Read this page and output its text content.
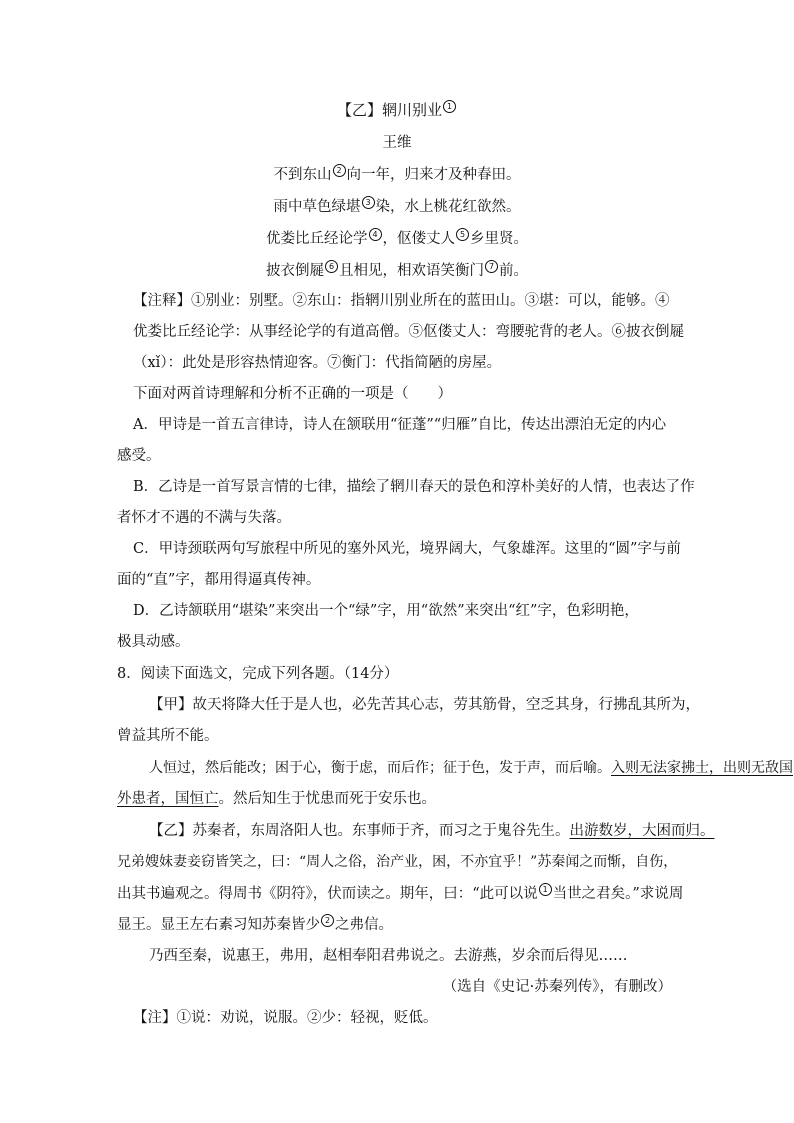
【乙】辋川别业 1
王维
不到东山 2 向一年，归来才及种春田。
雨中草色绿堪 3 染，水上桃花红欲然。
优娄比丘经论学 4 ，伛偻丈人 5 乡里贤。
披衣倒屣 6 且相见，相欢语笑衡门 7 前。
【注释】①别业：别墅。②东山：指辋川别业所在的蓝田山。③堪：可以，能够。④
优娄比丘经论学：从事经论学的有道高僧。⑤伛偻丈人：弯腰驼背的老人。⑥披衣倒屣
（xǐ）：此处是形容热情迎客。⑦衡门：代指简陋的房屋。
下面对两首诗理解和分析不正确的一项是（　　）
A．甲诗是一首五言律诗，诗人在颔联用“征蓬”“归雁”自比，传达出漂泊无定的内心
感受。
B．乙诗是一首写景言情的七律，描绘了辋川春天的景色和淳朴美好的人情，也表达了作
者怀才不遇的不满与失落。
C．甲诗颈联两句写旅程中所见的塞外风光，境界阔大，气象雄浑。这里的“圆”字与前
面的“直”字，都用得逼真传神。
D．乙诗颔联用“堪染”来突出一个“绿”字，用“欲然”来突出“红”字，色彩明艳，
极具动感。
8．阅读下面选文，完成下列各题。（14分）
【甲】故天将降大任于是人也，必先苦其心志，劳其筋骨，空乏其身，行拂乱其所为，
曾益其所不能。
人恒过，然后能改；困于心，衡于虑，而后作；征于色，发于声，而后喻。入则无法家拂士，出则无敌国
外患者，国恒亡。然后知生于忧患而死于安乐也。
【乙】苏秦者，东周洛阳人也。东事师于齐，而习之于鬼谷先生。出游数岁，大困而归。
兄弟嫂妹妻妾窃皆笑之，曰：“周人之俗，治产业，困，不亦宜乎！”苏秦闻之而惭，自伤，
出其书遍观之。得周书《阴符》，伏而读之。期年，曰：“此可以说 1 当世之君矣。”求说周
显王。显王左右素习知苏秦皆少 2 之弗信。
乃西至秦，说惠王，弗用，赵相奉阳君弗说之。去游燕，岁余而后得见……
（选自《史记·苏秦列传》，有删改）
【注】①说：劝说，说服。②少：轻视，贬低。
